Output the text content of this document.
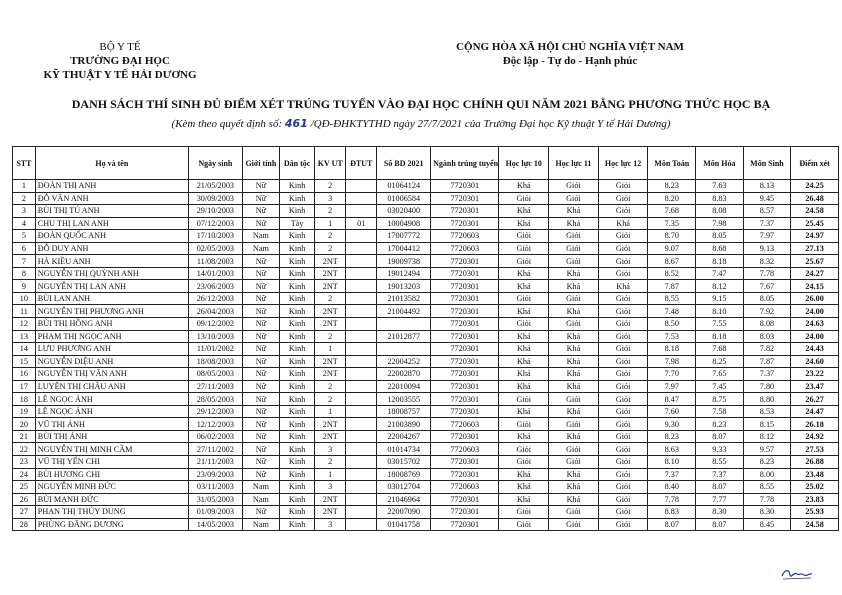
BỘ Y TẾ
TRƯỜNG ĐẠI HỌC
KỸ THUẬT Y TẾ HẢI DƯƠNG
CỘNG HÒA XÃ HỘI CHỦ NGHĨA VIỆT NAM
Độc lập - Tự do - Hạnh phúc
DANH SÁCH THÍ SINH ĐỦ ĐIỂM XÉT TRÚNG TUYỂN VÀO ĐẠI HỌC CHÍNH QUI NĂM 2021 BẰNG PHƯƠNG THỨC HỌC BẠ
(Kèm theo quyết định số: 461 /QĐ-ĐHKTYTHD ngày 27/7/2021 của Trường Đại học Kỹ thuật Y tế Hải Dương)
STT	Họ và tên	Ngày sinh	Giới tính	Dân tộc	KV UT	ĐTUT	Số BD 2021	Ngành trúng tuyển	Học lực 10	Học lực 11	Học lực 12	Môn Toán	Môn Hóa	Môn Sinh	Điểm xét
1	ĐOÀN THỊ ANH	21/05/2003	Nữ	Kinh	2		01064124	7720301	Khá	Giỏi	Giỏi	8.23	7.63	8.13	24.25
2	ĐỖ VÂN ANH	30/09/2003	Nữ	Kinh	3		01006584	7720301	Giỏi	Giỏi	Giỏi	8.20	8.83	9.45	26.48
3	BÙI THỊ TÚ ANH	29/10/2003	Nữ	Kinh	2		03020400	7720301	Khá	Khá	Giỏi	7.68	8.08	8.57	24.58
4	CHU THỊ LAN ANH	07/12/2003	Nữ	Tày	1	01	10004908	7720301	Khá	Khá	Khá	7.35	7.98	7.37	25.45
5	ĐOÀN QUỐC ANH	17/10/2003	Nam	Kinh	2		17007772	7720603	Giỏi	Giỏi	Giỏi	8.70	8.05	7.97	24.97
6	ĐỖ DUY ANH	02/05/2003	Nam	Kinh	2		17004412	7720603	Giỏi	Giỏi	Giỏi	9.07	8.68	9.13	27.13
7	HÀ KIỀU ANH	11/08/2003	Nữ	Kinh	2NT		19009738	7720301	Giỏi	Giỏi	Giỏi	8.67	8.18	8.32	25.67
8	NGUYỄN THỊ QUỲNH ANH	14/01/2003	Nữ	Kinh	2NT		19012494	7720301	Khá	Khá	Giỏi	8.52	7.47	7.78	24.27
9	NGUYỄN THỊ LAN ANH	23/06/2003	Nữ	Kinh	2NT		19013203	7720301	Khá	Khá	Khá	7.87	8.12	7.67	24.15
10	BÙI LAN ANH	26/12/2003	Nữ	Kinh	2		21013582	7720301	Giỏi	Giỏi	Giỏi	8.55	9.15	8.05	26.00
11	NGUYỄN THỊ PHƯƠNG ANH	26/04/2003	Nữ	Kinh	2NT		21004492	7720301	Khá	Khá	Giỏi	7.48	8.10	7.92	24.00
12	BÙI THỊ HỒNG ANH	09/12/2002	Nữ	Kinh	2NT			7720301	Giỏi	Giỏi	Giỏi	8.50	7.55	8.08	24.63
13	PHẠM THỊ NGỌC ANH	13/10/2003	Nữ	Kinh	2		21012877	7720301	Khá	Khá	Giỏi	7.53	8.18	8.03	24.00
14	LƯU PHƯƠNG ANH	11/01/2002	Nữ	Kinh	1			7720301	Khá	Khá	Giỏi	8.18	7.68	7.82	24.43
15	NGUYỄN DIỆU ANH	18/08/2003	Nữ	Kinh	2NT		22004252	7720301	Khá	Khá	Giỏi	7.98	8.25	7.87	24.60
16	NGUYỄN THỊ VÂN ANH	08/05/2003	Nữ	Kinh	2NT		22002870	7720301	Khá	Khá	Giỏi	7.70	7.65	7.37	23.22
17	LUYỆN THỊ CHÂU ANH	27/11/2003	Nữ	Kinh	2		22010094	7720301	Khá	Khá	Giỏi	7.97	7.45	7.80	23.47
18	LÊ NGỌC ÁNH	28/05/2003	Nữ	Kinh	2		12003555	7720301	Giỏi	Giỏi	Giỏi	8.47	8.75	8.80	26.27
19	LÊ NGỌC ÁNH	29/12/2003	Nữ	Kinh	1		18008757	7720301	Khá	Khá	Giỏi	7.60	7.58	8.53	24.47
20	VŨ THỊ ÁNH	12/12/2003	Nữ	Kinh	2NT		21003890	7720603	Giỏi	Giỏi	Giỏi	9.30	8.23	8.15	26.18
21	BÙI THỊ ÁNH	06/02/2003	Nữ	Kinh	2NT		22004267	7720301	Khá	Khá	Giỏi	8.23	8.07	8.12	24.92
22	NGUYỄN THỊ MINH CẦM	27/11/2002	Nữ	Kinh	3		01014734	7720603	Giỏi	Giỏi	Giỏi	8.63	9.33	9.57	27.53
23	VŨ THỊ YẾN CHI	21/11/2003	Nữ	Kinh	2		03015702	7720301	Giỏi	Giỏi	Giỏi	8.10	8.55	8.23	26.88
24	BÙI HƯƠNG CHI	23/09/2003	Nữ	Kinh	1		18008769	7720301	Khá	Khá	Giỏi	7.37	7.37	8.00	23.48
25	NGUYỄN MINH ĐỨC	03/11/2003	Nam	Kinh	3		03012704	7720603	Khá	Khá	Giỏi	8.40	8.07	8.55	25.02
26	BÙI MẠNH ĐỨC	31/05/2003	Nam	Kinh	2NT		21046964	7720301	Khá	Khá	Giỏi	7.78	7.77	7.78	23.83
27	PHAN THỊ THÚY DUNG	01/09/2003	Nữ	Kinh	2NT		22007090	7720301	Giỏi	Giỏi	Giỏi	8.83	8.30	8.30	25.93
28	PHÙNG ĐĂNG DƯƠNG	14/05/2003	Nam	Kinh	3		01041758	7720301	Giỏi	Giỏi	Giỏi	8.07	8.07	8.45	24.58
